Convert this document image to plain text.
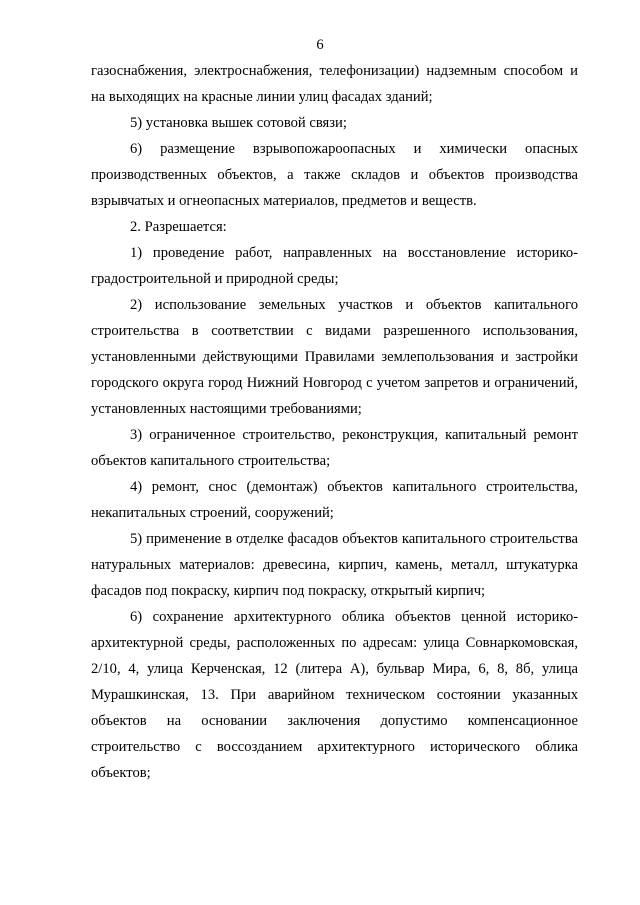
6

газоснабжения, электроснабжения, телефонизации) надземным способом и на выходящих на красные линии улиц фасадах зданий;

5) установка вышек сотовой связи;

6) размещение взрывопожароопасных и химически опасных производственных объектов, а также складов и объектов производства взрывчатых и огнеопасных материалов, предметов и веществ.

2. Разрешается:

1) проведение работ, направленных на восстановление историко-градостроительной и природной среды;

2) использование земельных участков и объектов капитального строительства в соответствии с видами разрешенного использования, установленными действующими Правилами землепользования и застройки городского округа город Нижний Новгород с учетом запретов и ограничений, установленных настоящими требованиями;

3) ограниченное строительство, реконструкция, капитальный ремонт объектов капитального строительства;

4) ремонт, снос (демонтаж) объектов капитального строительства, некапитальных строений, сооружений;

5) применение в отделке фасадов объектов капитального строительства натуральных материалов: древесина, кирпич, камень, металл, штукатурка фасадов под покраску, кирпич под покраску, открытый кирпич;

6) сохранение архитектурного облика объектов ценной историко-архитектурной среды, расположенных по адресам: улица Совнаркомовская, 2/10, 4, улица Керченская, 12 (литера А), бульвар Мира, 6, 8, 8б, улица Мурашкинская, 13. При аварийном техническом состоянии указанных объектов на основании заключения допустимо компенсационное строительство с воссозданием архитектурного исторического облика объектов;
